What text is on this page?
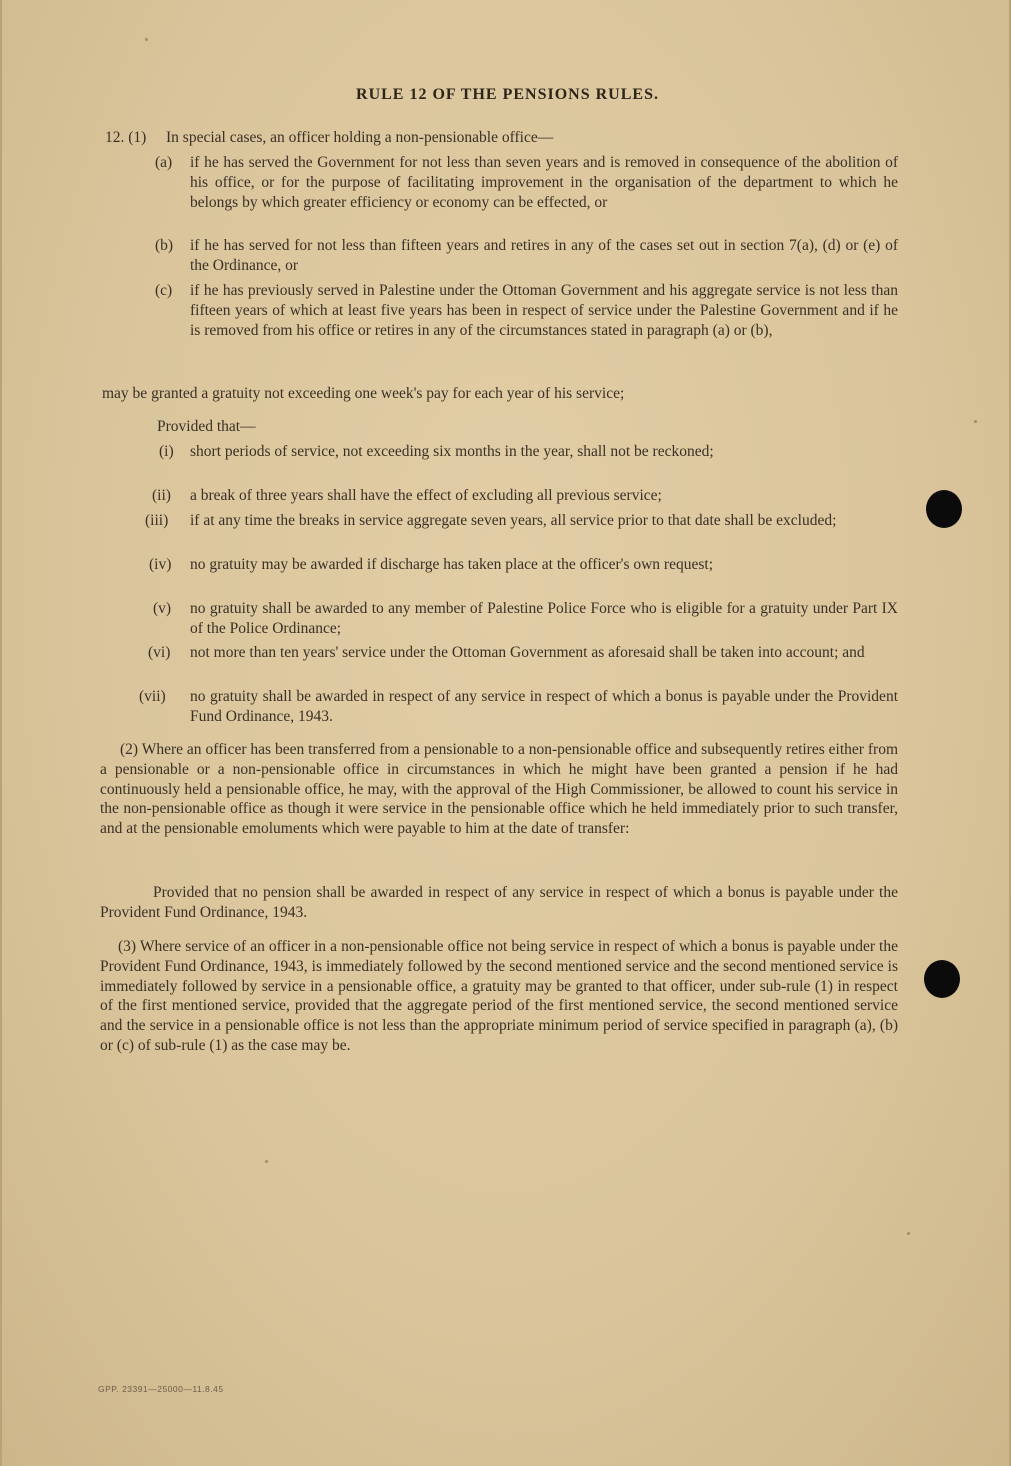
RULE 12 OF THE PENSIONS RULES.
12. (1) In special cases, an officer holding a non-pensionable office—
(a) if he has served the Government for not less than seven years and is removed in consequence of the abolition of his office, or for the purpose of facilitating improvement in the organisation of the department to which he belongs by which greater efficiency or economy can be effected, or
(b) if he has served for not less than fifteen years and retires in any of the cases set out in section 7(a), (d) or (e) of the Ordinance, or
(c) if he has previously served in Palestine under the Ottoman Government and his aggregate service is not less than fifteen years of which at least five years has been in respect of service under the Palestine Government and if he is removed from his office or retires in any of the circumstances stated in paragraph (a) or (b),
may be granted a gratuity not exceeding one week's pay for each year of his service;
Provided that—
(i) short periods of service, not exceeding six months in the year, shall not be reckoned;
(ii) a break of three years shall have the effect of excluding all previous service;
(iii) if at any time the breaks in service aggregate seven years, all service prior to that date shall be excluded;
(iv) no gratuity may be awarded if discharge has taken place at the officer's own request;
(v) no gratuity shall be awarded to any member of Palestine Police Force who is eligible for a gratuity under Part IX of the Police Ordinance;
(vi) not more than ten years' service under the Ottoman Government as aforesaid shall be taken into account; and
(vii) no gratuity shall be awarded in respect of any service in respect of which a bonus is payable under the Provident Fund Ordinance, 1943.
(2) Where an officer has been transferred from a pensionable to a non-pensionable office and subsequently retires either from a pensionable or a non-pensionable office in circumstances in which he might have been granted a pension if he had continuously held a pensionable office, he may, with the approval of the High Commissioner, be allowed to count his service in the non-pensionable office as though it were service in the pensionable office which he held immediately prior to such transfer, and at the pensionable emoluments which were payable to him at the date of transfer:
Provided that no pension shall be awarded in respect of any service in respect of which a bonus is payable under the Provident Fund Ordinance, 1943.
(3) Where service of an officer in a non-pensionable office not being service in respect of which a bonus is payable under the Provident Fund Ordinance, 1943, is immediately followed by the second mentioned service and the second mentioned service is immediately followed by service in a pensionable office, a gratuity may be granted to that officer, under sub-rule (1) in respect of the first mentioned service, provided that the aggregate period of the first mentioned service, the second mentioned service and the service in a pensionable office is not less than the appropriate minimum period of service specified in paragraph (a), (b) or (c) of sub-rule (1) as the case may be.
GPP. 23391—25000—11.8.45
